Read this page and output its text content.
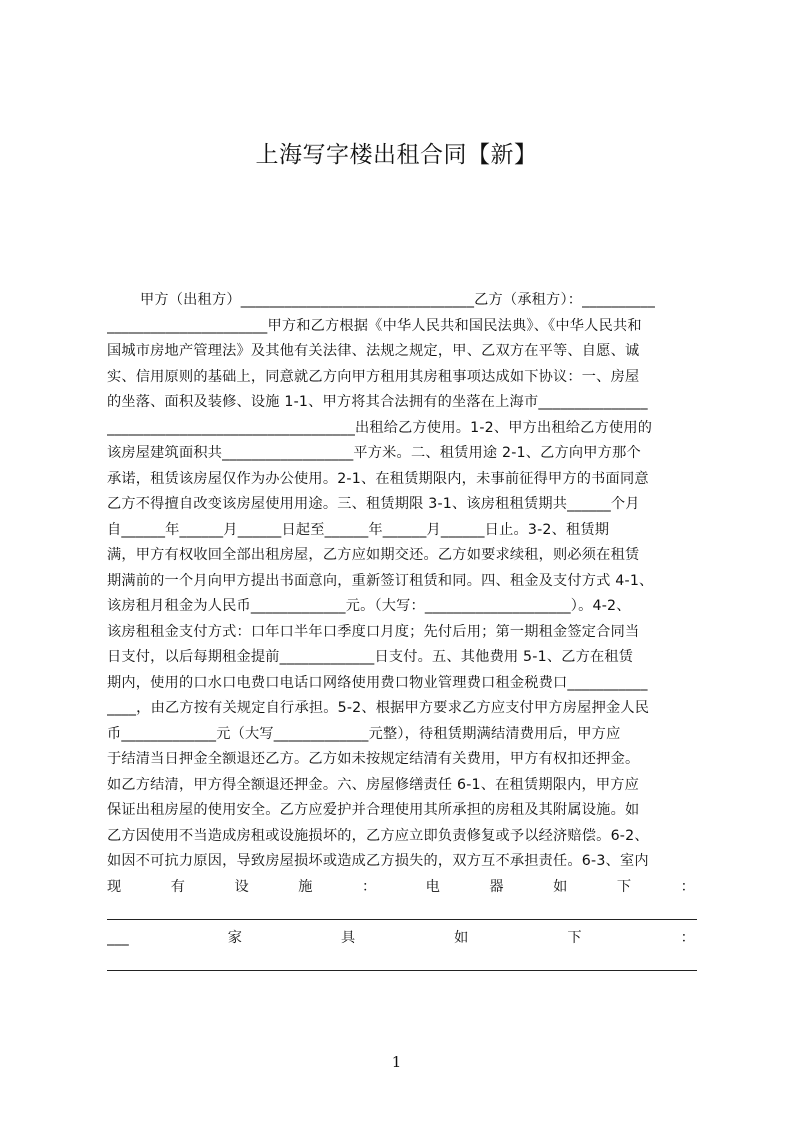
上海写字楼出租合同【新】
甲方（出租方）________________________________乙方（承租方）：__________
______________________甲方和乙方根据《中华人民共和国民法典》、《中华人民共和
国城市房地产管理法》及其他有关法律、法规之规定，甲、乙双方在平等、自愿、诚
实、信用原则的基础上，同意就乙方向甲方租用其房租事项达成如下协议：一、房屋
的坐落、面积及装修、设施 1-1、甲方将其合法拥有的坐落在上海市_______________
__________________________________出租给乙方使用。1-2、甲方出租给乙方使用的
该房屋建筑面积共__________________平方米。二、租赁用途 2-1、乙方向甲方那个
承诺，租赁该房屋仅作为办公使用。2-1、在租赁期限内，未事前征得甲方的书面同意
乙方不得擅自改变该房屋使用用途。三、租赁期限 3-1、该房租租赁期共______个月
自______年______月______日起至______年______月______日止。3-2、租赁期
满，甲方有权收回全部出租房屋，乙方应如期交还。乙方如要求续租，则必须在租赁
期满前的一个月向甲方提出书面意向，重新签订租赁和同。四、租金及支付方式 4-1、
该房租月租金为人民币_____________元。（大写：____________________）。4-2、
该房租租金支付方式：口年口半年口季度口月度；先付后用；第一期租金签定合同当
日支付，以后每期租金提前_____________日支付。五、其他费用 5-1、乙方在租赁
期内，使用的口水口电费口电话口网络使用费口物业管理费口租金税费口___________
____，由乙方按有关规定自行承担。5-2、根据甲方要求乙方应支付甲方房屋押金人民
币_____________元（大写_____________元整），待租赁期满结清费用后，甲方应
于结清当日押金全额退还乙方。乙方如未按规定结清有关费用，甲方有权扣还押金。
如乙方结清，甲方得全额退还押金。六、房屋修缮责任 6-1、在租赁期限内，甲方应
保证出租房屋的使用安全。乙方应爱护并合理使用其所承担的房租及其附属设施。如
乙方因使用不当造成房租或设施损坏的，乙方应立即负责修复或予以经济赔偿。6-2、
如因不可抗力原因，导致房屋损坏或造成乙方损失的，双方互不承担责任。6-3、室内
现	有	设	施	：	电	器	如	下	：
___	家	具	如	下	：
1
